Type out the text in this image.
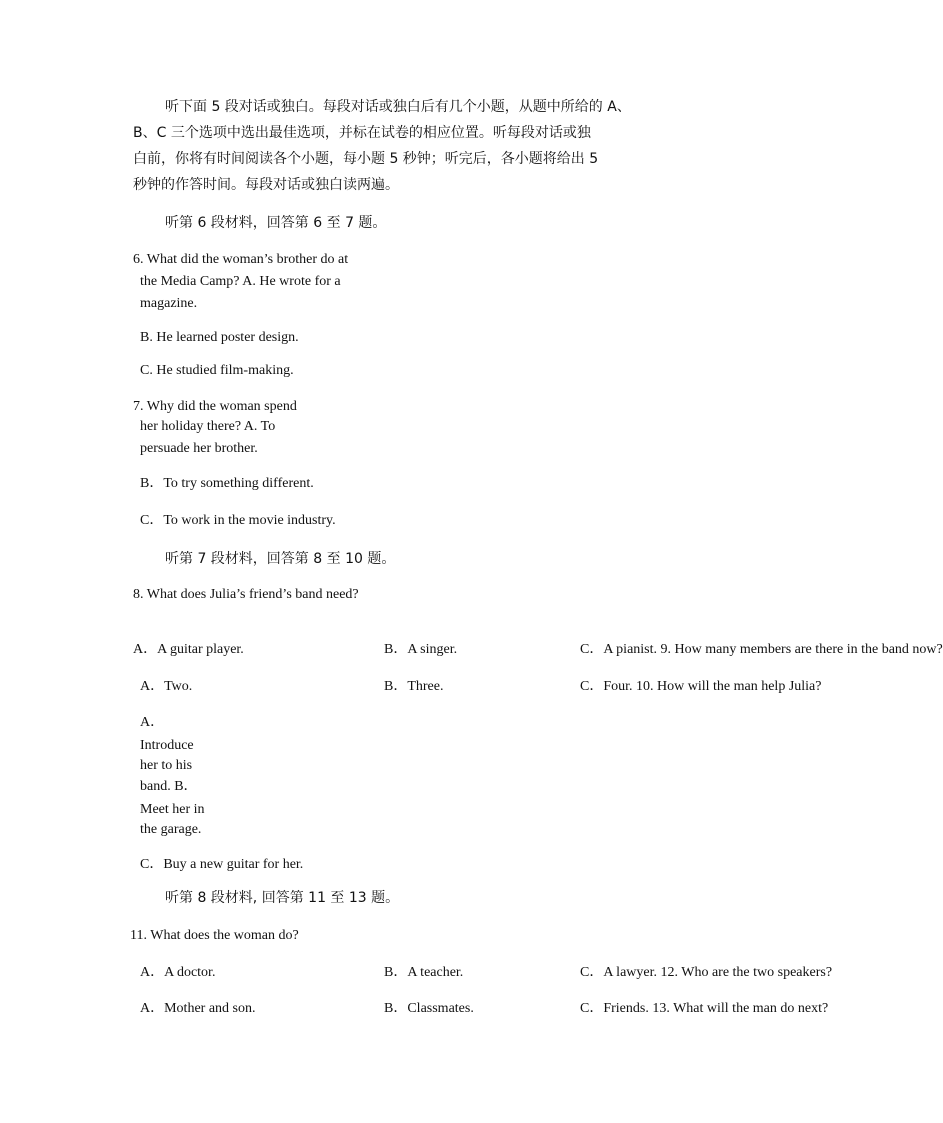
听下面 5 段对话或独白。每段对话或独白后有几个小题，从题中所给的 A、
B、C 三个选项中选出最佳选项，并标在试卷的相应位置。听每段对话或独
白前，你将有时间阅读各个小题，每小题 5 秒钟；听完后，各小题将给出 5
秒钟的作答时间。每段对话或独白读两遍。
听第 6 段材料，回答第 6 至 7 题。
6. What did the woman’s brother do at
the Media Camp? A. He wrote for a
magazine.
B. He learned poster design.
C. He studied film-making.
7. Why did the woman spend
her holiday there? A. To
persuade her brother.
B．To try something different.
C．To work in the movie industry.
听第 7 段材料，回答第 8 至 10 题。
8. What does Julia’s friend’s band need?
A．A guitar player.	B．A singer.	C．A pianist. 9. How many members are there in the band now?
A．Two.	B．Three.	C．Four. 10. How will the man help Julia?
A．
Introduce
her to his
band. B．
Meet her in
the garage.
C．Buy a new guitar for her.
听第 8 段材料, 回答第 11 至 13 题。
11. What does the woman do?
A．A doctor.	B．A teacher.	C．A lawyer. 12. Who are the two speakers?
A．Mother and son.	B．Classmates.	C．Friends. 13. What will the man do next?
